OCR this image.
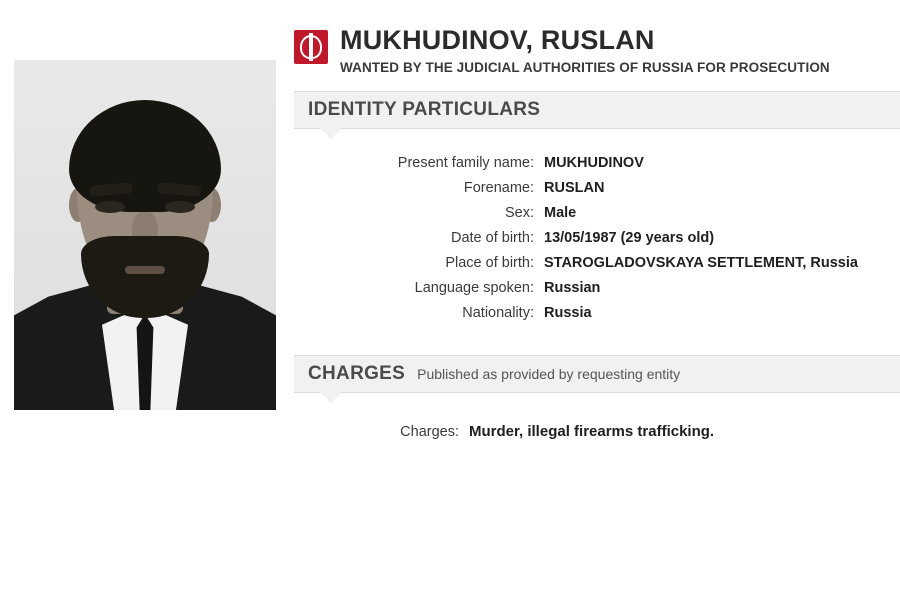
MUKHUDINOV, RUSLAN
WANTED BY THE JUDICIAL AUTHORITIES OF RUSSIA FOR PROSECUTION
IDENTITY PARTICULARS
Present family name: MUKHUDINOV
Forename: RUSLAN
Sex: Male
Date of birth: 13/05/1987 (29 years old)
Place of birth: STAROGLADOVSKAYA SETTLEMENT, Russia
Language spoken: Russian
Nationality: Russia
CHARGES Published as provided by requesting entity
Charges: Murder, illegal firearms trafficking.
